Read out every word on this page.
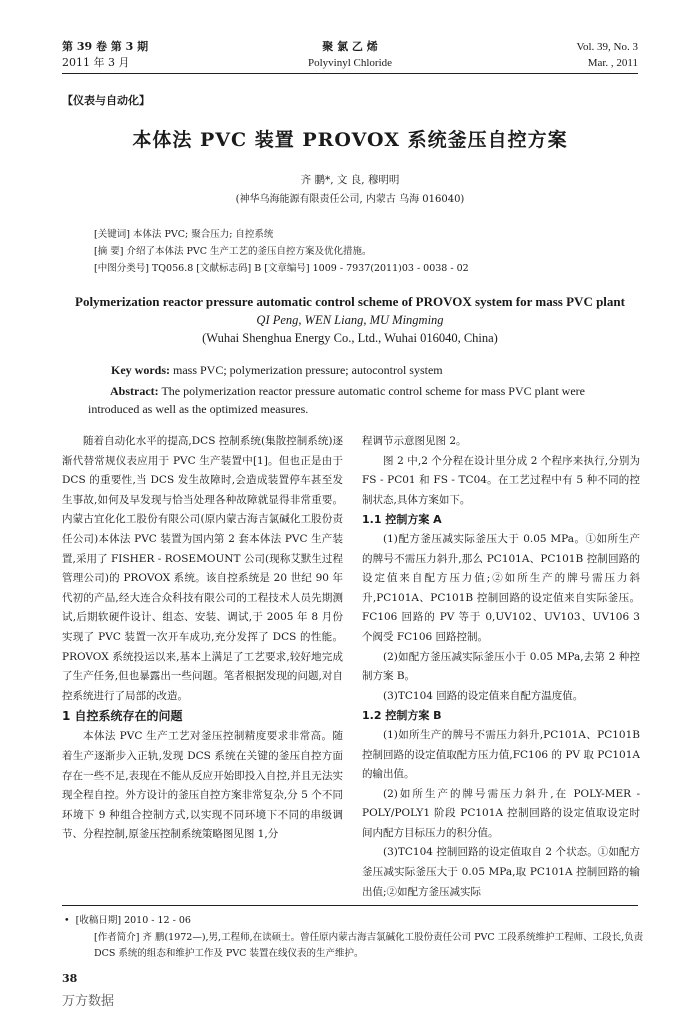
第 39 卷 第 3 期
2011 年 3 月
聚 氯 乙 烯
Polyvinyl Chloride
Vol. 39, No. 3
Mar. , 2011
【仪表与自动化】
本体法 PVC 装置 PROVOX 系统釜压自控方案
齐 鹏*, 文 良, 穆明明
(神华乌海能源有限责任公司, 内蒙古 乌海 016040)
[关键词] 本体法 PVC; 聚合压力; 自控系统
[摘 要] 介绍了本体法 PVC 生产工艺的釜压自控方案及优化措施。
[中图分类号] TQ056.8 [文献标志码] B [文章编号] 1009 - 7937(2011)03 - 0038 - 02
Polymerization reactor pressure automatic control scheme of PROVOX system for mass PVC plant
QI Peng, WEN Liang, MU Mingming
(Wuhai Shenghua Energy Co., Ltd., Wuhai 016040, China)
Key words: mass PVC; polymerization pressure; autocontrol system
Abstract: The polymerization reactor pressure automatic control scheme for mass PVC plant were introduced as well as the optimized measures.

随着自动化水平的提高,DCS 控制系统(集散控制系统)逐渐代替常规仪表应用于 PVC 生产装置中[1]。但也正是由于 DCS 的重要性,当 DCS 发生故障时,会造成装置停车甚至发生事故,如何及早发现与恰当处理各种故障就显得非常重要。内蒙古宜化化工股份有限公司(原内蒙古海吉氯碱化工股份责任公司)本体法 PVC 装置为国内第 2 套本体法 PVC 生产装置,采用了 FISHER - ROSEMOUNT 公司(现称艾默生过程管理公司)的 PROVOX 系统。该自控系统是 20 世纪 90 年代初的产品,经大连合众科技有限公司的工程技术人员先期测试,后期软硬件设计、组态、安装、调试,于 2005 年 8 月份实现了 PVC 装置一次开车成功,充分发挥了 DCS 的性能。PROVOX 系统投运以来,基本上满足了工艺要求,较好地完成了生产任务,但也暴露出一些问题。笔者根据发现的问题,对自控系统进行了局部的改造。

1 自控系统存在的问题

本体法 PVC 生产工艺对釜压控制精度要求非常高。随着生产逐渐步入正轨,发现 DCS 系统在关键的釜压自控方面存在一些不足,表现在不能从反应开始即投入自控,并且无法实现全程自控。外方设计的釜压自控方案非常复杂,分 5 个不同环境下 9 种组合控制方式,以实现不同环境下不同的串级调节、分程控制,原釜压控制系统策略图见图 1,分

程调节示意图见图 2。

图 2 中,2 个分程在设计里分成 2 个程序来执行,分别为 FS - PC01 和 FS - TC04。在工艺过程中有 5 种不同的控制状态,具体方案如下。

1.1 控制方案 A

(1)配方釜压减实际釜压大于 0.05 MPa。①如所生产的牌号不需压力斜升,那么 PC101A、PC101B 控制回路的设定值来自配方压力值;②如所生产的牌号需压力斜升,PC101A、PC101B 控制回路的设定值来自实际釜压。FC106 回路的 PV 等于 0,UV102、UV103、UV106 3 个阀受 FC106 回路控制。

(2)如配方釜压减实际釜压小于 0.05 MPa,去第 2 种控制方案 B。

(3)TC104 回路的设定值来自配方温度值。

1.2 控制方案 B

(1)如所生产的牌号不需压力斜升,PC101A、PC101B 控制回路的设定值取配方压力值,FC106 的 PV 取 PC101A 的输出值。

(2)如所生产的牌号需压力斜升,在 POLY-MER - POLY/POLY1 阶段 PC101A 控制回路的设定值取设定时间内配方目标压力的积分值。

(3)TC104 控制回路的设定值取自 2 个状态。①如配方釜压减实际釜压大于 0.05 MPa,取 PC101A 控制回路的输出值;②如配方釜压减实际

•  [收稿日期] 2010 - 12 - 06
[作者简介] 齐 鹏(1972—),男,工程师,在读硕士。曾任原内蒙古海吉氯碱化工股份责任公司 PVC 工段系统维护工程师、工段长,负责 DCS 系统的组态和维护工作及 PVC 装置在线仪表的生产维护。
38
万方数据
